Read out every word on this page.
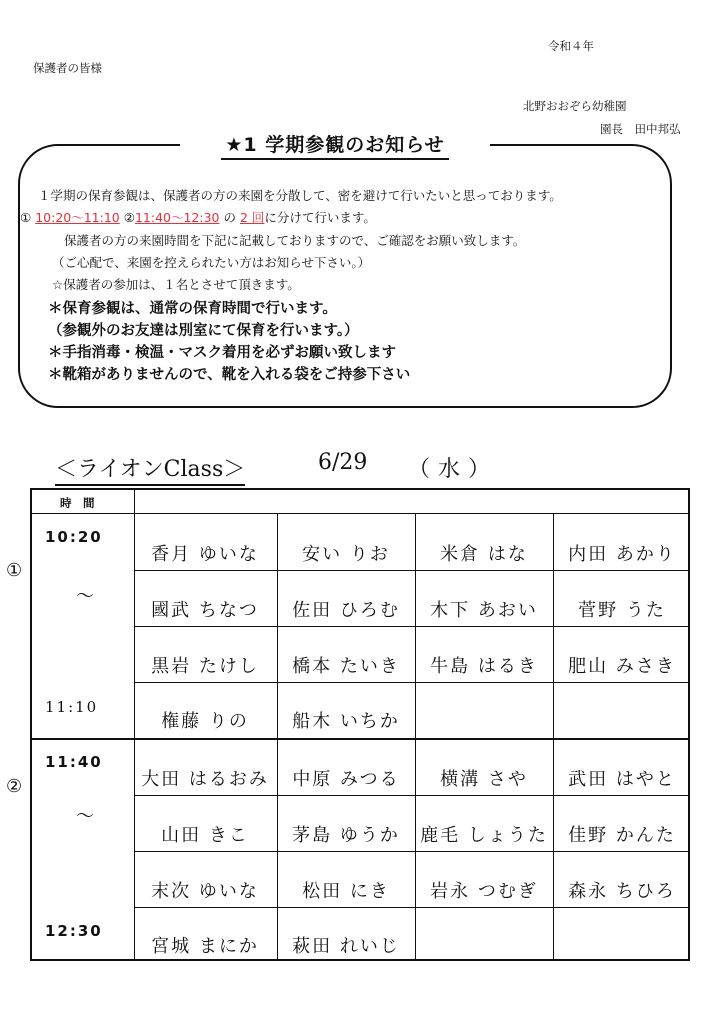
令和４年
保護者の皆様
北野おおぞら幼稚園
園長　田中邦弘
★1 学期参観のお知らせ
１学期の保育参観は、保護者の方の来園を分散して、密を避けて行いたいと思っております。
① 10:20～11:10 ②11:40～12:30 の 2 回に分けて行います。
保護者の方の来園時間を下記に記載しておりますので、ご確認をお願い致します。
（ご心配で、来園を控えられたい方はお知らせ下さい。）
☆保護者の参加は、１名とさせて頂きます。
＊保育参観は、通常の保育時間で行います。
（参観外のお友達は別室にて保育を行います。）
＊手指消毒・検温・マスク着用を必ずお願い致します
＊靴箱がありませんので、靴を入れる袋をご持参下さい
＜ライオンClass＞	6/29 （水）
時　間
①
10:20
～
11:10
②
11:40
～
12:30
香月 ゆいな	安い りお	米倉 はな	内田 あかり
國武 ちなつ	佐田 ひろむ	木下 あおい	菅野 うた
黒岩 たけし	橋本 たいき	牛島 はるき	肥山 みさき
権藤 りの	船木 いちか
大田 はるおみ	中原 みつる	横溝 さや	武田 はやと
山田 きこ	茅島 ゆうか	鹿毛 しょうた	佳野 かんた
末次 ゆいな	松田 にき	岩永 つむぎ	森永 ちひろ
宮城 まにか	萩田 れいじ
